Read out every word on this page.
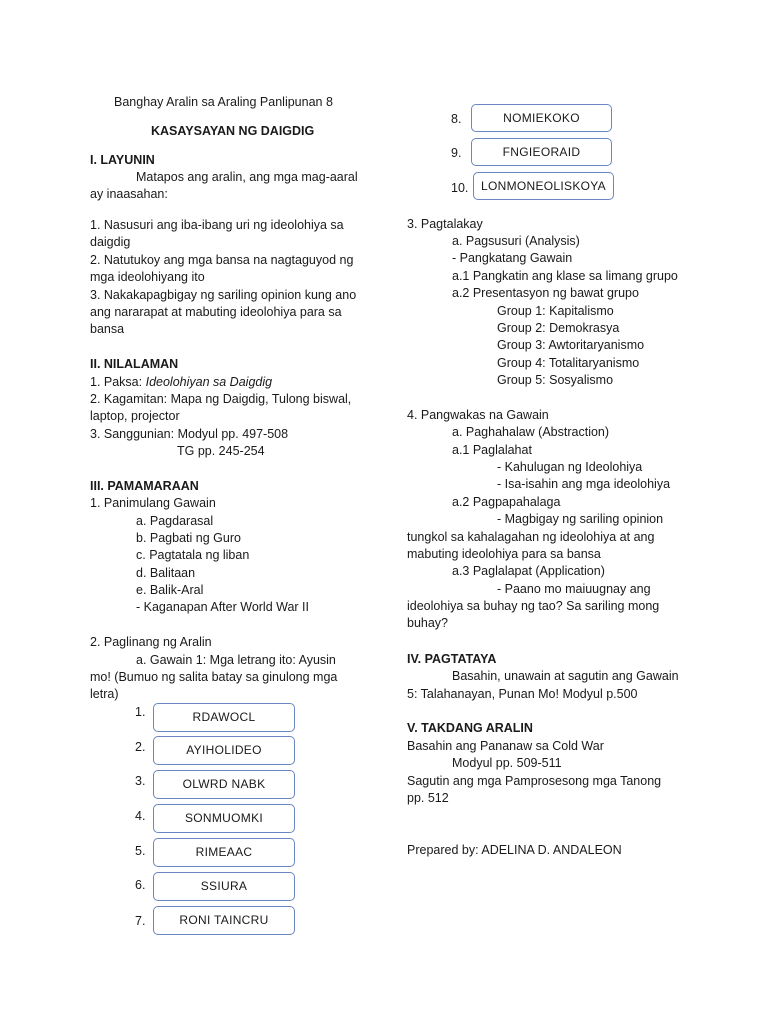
Banghay Aralin sa Araling Panlipunan 8
KASAYSAYAN NG DAIGDIG
I. LAYUNIN
Matapos ang aralin, ang mga mag-aaral
ay inaasahan:
1. Nasusuri ang iba-ibang uri ng ideolohiya sa
daigdig
2. Natutukoy ang mga bansa na nagtaguyod ng
mga ideolohiyang ito
3. Nakakapagbigay ng sariling opinion kung ano
ang nararapat at mabuting ideolohiya para sa
bansa
II. NILALAMAN
1. Paksa: Ideolohiyan sa Daigdig
2. Kagamitan: Mapa ng Daigdig, Tulong biswal,
laptop, projector
3. Sanggunian: Modyul pp. 497-508
TG pp. 245-254
III. PAMAMARAAN
1. Panimulang Gawain
a. Pagdarasal
b. Pagbati ng Guro
c. Pagtatala ng liban
d. Balitaan
e. Balik-Aral
- Kaganapan After World War II
2. Paglinang ng Aralin
a. Gawain 1: Mga letrang ito: Ayusin
mo! (Bumuo ng salita batay sa ginulong mga
letra)
1.	RDAWOCL
2.	AYIHOLIDEO
3.	OLWRD NABK
4.	SONMUOMKI
5.	RIMEAAC
6.	SSIURA
7.	RONI TAINCRU
8.	NOMIEKOKO
9.	FNGIEORAID
10.	LONMONEOLISKOYA
3. Pagtalakay
a. Pagsusuri (Analysis)
- Pangkatang Gawain
a.1 Pangkatin ang klase sa limang grupo
a.2 Presentasyon ng bawat grupo
Group 1: Kapitalismo
Group 2: Demokrasya
Group 3: Awtoritaryanismo
Group 4: Totalitaryanismo
Group 5: Sosyalismo
4. Pangwakas na Gawain
a. Paghahalaw (Abstraction)
a.1 Paglalahat
- Kahulugan ng Ideolohiya
- Isa-isahin ang mga ideolohiya
a.2 Pagpapahalaga
- Magbigay ng sariling opinion
tungkol sa kahalagahan ng ideolohiya at ang
mabuting ideolohiya para sa bansa
a.3 Paglalapat (Application)
- Paano mo maiuugnay ang
ideolohiya sa buhay ng tao? Sa sariling mong
buhay?
IV. PAGTATAYA
Basahin, unawain at sagutin ang Gawain
5: Talahanayan, Punan Mo! Modyul p.500
V. TAKDANG ARALIN
Basahin ang Pananaw sa Cold War
Modyul pp. 509-511
Sagutin ang mga Pamprosesong mga Tanong
pp. 512
Prepared by: ADELINA D. ANDALEON
